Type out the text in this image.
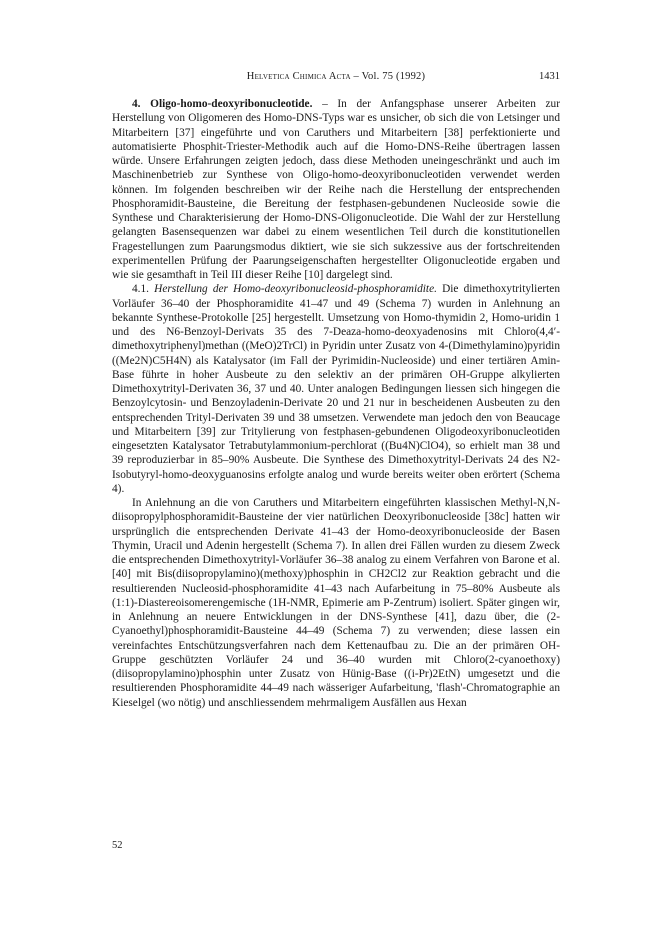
Helvetica Chimica Acta – Vol. 75 (1992)	1431

4. Oligo-homo-deoxyribonucleotide. – In der Anfangsphase unserer Arbeiten zur Herstellung von Oligomeren des Homo-DNS-Typs war es unsicher, ob sich die von Letsinger und Mitarbeitern [37] eingeführte und von Caruthers und Mitarbeitern [38] perfektionierte und automatisierte Phosphit-Triester-Methodik auch auf die Homo-DNS-Reihe übertragen lassen würde. Unsere Erfahrungen zeigten jedoch, dass diese Methoden uneingeschränkt und auch im Maschinenbetrieb zur Synthese von Oligo-homo-deoxyribonucleotiden verwendet werden können. Im folgenden beschreiben wir der Reihe nach die Herstellung der entsprechenden Phosphoramidit-Bausteine, die Bereitung der festphasen-gebundenen Nucleoside sowie die Synthese und Charakterisierung der Homo-DNS-Oligonucleotide. Die Wahl der zur Herstellung gelangten Basensequenzen war dabei zu einem wesentlichen Teil durch die konstitutionellen Fragestellungen zum Paarungsmodus diktiert, wie sie sich sukzessive aus der fortschreitenden experimentellen Prüfung der Paarungseigenschaften hergestellter Oligonucleotide ergaben und wie sie gesamthaft in Teil III dieser Reihe [10] dargelegt sind.

4.1. Herstellung der Homo-deoxyribonucleosid-phosphoramidite. Die dimethoxytritylierten Vorläufer 36–40 der Phosphoramidite 41–47 und 49 (Schema 7) wurden in Anlehnung an bekannte Synthese-Protokolle [25] hergestellt. Umsetzung von Homo-thymidin 2, Homo-uridin 1 und des N6-Benzoyl-Derivats 35 des 7-Deaza-homo-deoxyadenosins mit Chloro(4,4′-dimethoxytriphenyl)methan ((MeO)2TrCl) in Pyridin unter Zusatz von 4-(Dimethylamino)pyridin ((Me2N)C5H4N) als Katalysator (im Fall der Pyrimidin-Nucleoside) und einer tertiären Amin-Base führte in hoher Ausbeute zu den selektiv an der primären OH-Gruppe alkylierten Dimethoxytrityl-Derivaten 36, 37 und 40. Unter analogen Bedingungen liessen sich hingegen die Benzoylcytosin- und Benzoyladenin-Derivate 20 und 21 nur in bescheidenen Ausbeuten zu den entsprechenden Trityl-Derivaten 39 und 38 umsetzen. Verwendete man jedoch den von Beaucage und Mitarbeitern [39] zur Tritylierung von festphasen-gebundenen Oligodeoxyribonucleotiden eingesetzten Katalysator Tetrabutylammonium-perchlorat ((Bu4N)ClO4), so erhielt man 38 und 39 reproduzierbar in 85–90% Ausbeute. Die Synthese des Dimethoxytrityl-Derivats 24 des N2-Isobutyryl-homo-deoxyguanosins erfolgte analog und wurde bereits weiter oben erörtert (Schema 4).

In Anlehnung an die von Caruthers und Mitarbeitern eingeführten klassischen Methyl-N,N-diisopropylphosphoramidit-Bausteine der vier natürlichen Deoxyribonucleoside [38c] hatten wir ursprünglich die entsprechenden Derivate 41–43 der Homo-deoxyribonucleoside der Basen Thymin, Uracil und Adenin hergestellt (Schema 7). In allen drei Fällen wurden zu diesem Zweck die entsprechenden Dimethoxytrityl-Vorläufer 36–38 analog zu einem Verfahren von Barone et al. [40] mit Bis(diisopropylamino)(methoxy)phosphin in CH2Cl2 zur Reaktion gebracht und die resultierenden Nucleosid-phosphoramidite 41–43 nach Aufarbeitung in 75–80% Ausbeute als (1:1)-Diastereoisomerengemische (1H-NMR, Epimerie am P-Zentrum) isoliert. Später gingen wir, in Anlehnung an neuere Entwicklungen in der DNS-Synthese [41], dazu über, die (2-Cyanoethyl)phosphoramidit-Bausteine 44–49 (Schema 7) zu verwenden; diese lassen ein vereinfachtes Entschützungsverfahren nach dem Kettenaufbau zu. Die an der primären OH-Gruppe geschützten Vorläufer 24 und 36–40 wurden mit Chloro(2-cyanoethoxy)(diisopropylamino)phosphin unter Zusatz von Hünig-Base ((i-Pr)2EtN) umgesetzt und die resultierenden Phosphoramidite 44–49 nach wässeriger Aufarbeitung, 'flash'-Chromatographie an Kieselgel (wo nötig) und anschliessendem mehrmaligem Ausfällen aus Hexan

52
